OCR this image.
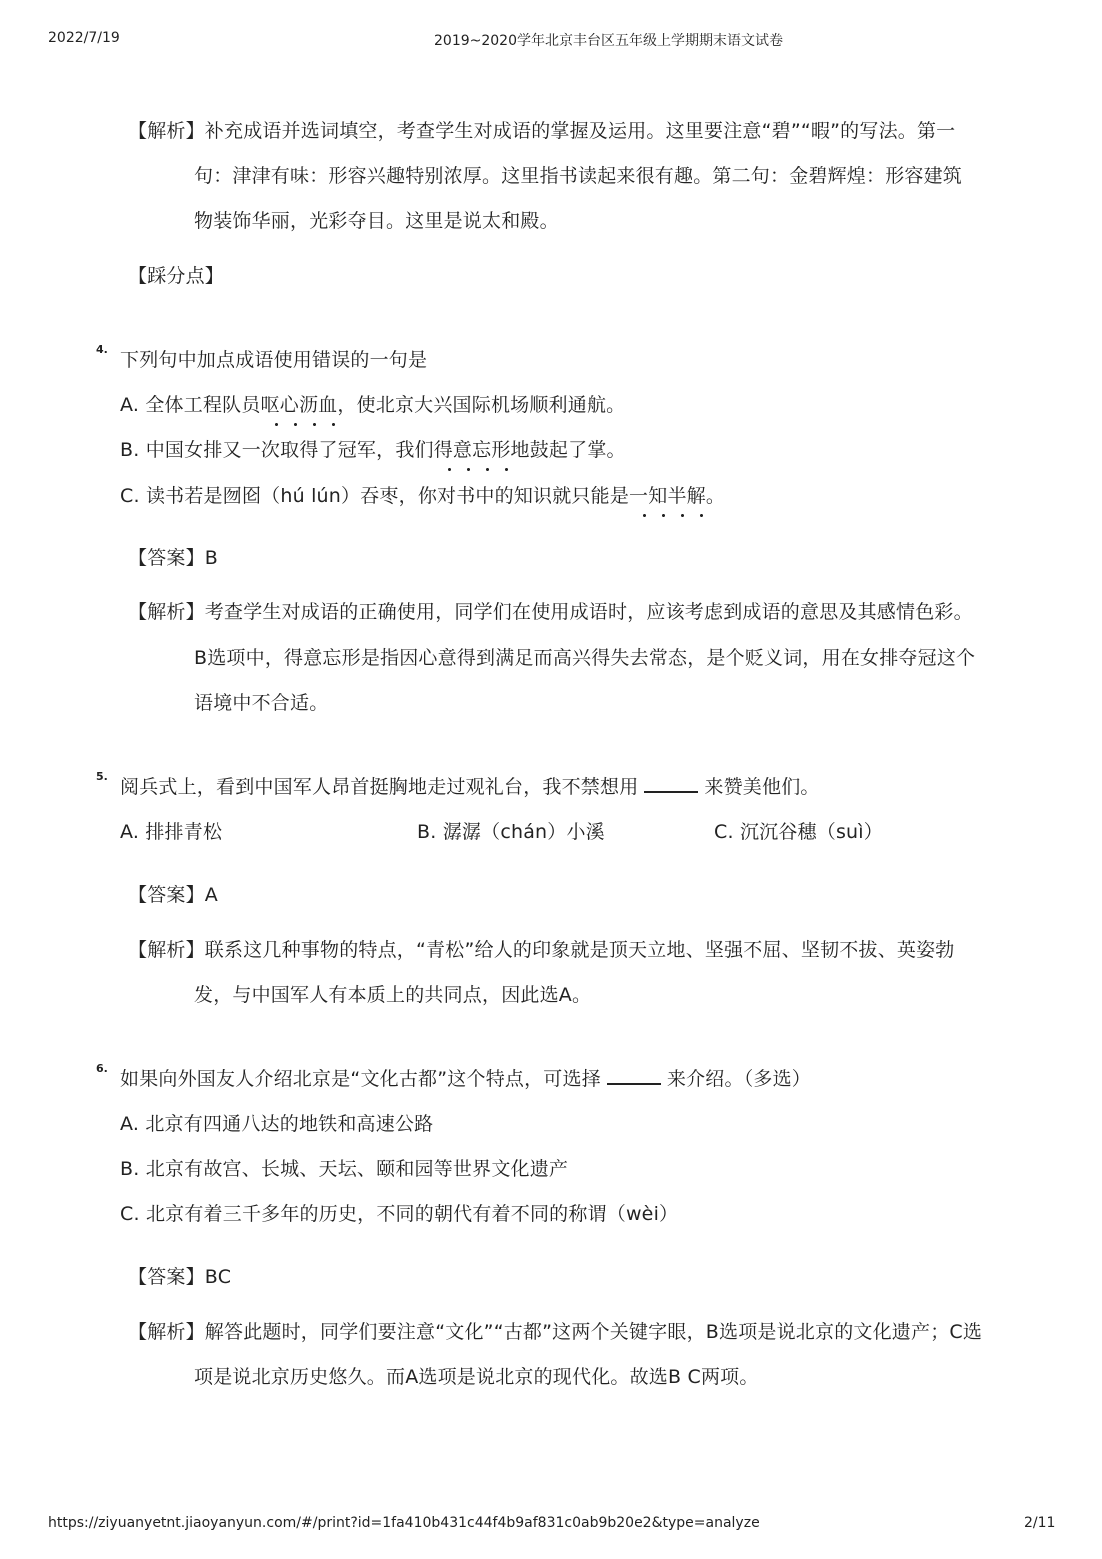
2022/7/19	2019~2020学年北京丰台区五年级上学期期末语文试卷
【解析】补充成语并选词填空，考查学生对成语的掌握及运用。这里要注意“碧”“暇”的写法。第一
句：津津有味：形容兴趣特别浓厚。这里指书读起来很有趣。第二句：金碧辉煌：形容建筑
物装饰华丽，光彩夺目。这里是说太和殿。
【踩分点】
4. 下列句中加点成语使用错误的一句是
A. 全体工程队员呕心沥血，使北京大兴国际机场顺利通航。
B. 中国女排又一次取得了冠军，我们得意忘形地鼓起了掌。
C. 读书若是囫囵（hú lún）吞枣，你对书中的知识就只能是一知半解。
【答案】B
【解析】考查学生对成语的正确使用，同学们在使用成语时，应该考虑到成语的意思及其感情色彩。
B选项中，得意忘形是指因心意得到满足而高兴得失去常态，是个贬义词，用在女排夺冠这个
语境中不合适。
5. 阅兵式上，看到中国军人昂首挺胸地走过观礼台，我不禁想用	来赞美他们。
A. 排排青松	B. 潺潺（chán）小溪	C. 沉沉谷穗（suì）
【答案】A
【解析】联系这几种事物的特点，“青松”给人的印象就是顶天立地、坚强不屈、坚韧不拔、英姿勃
发，与中国军人有本质上的共同点，因此选A。
6. 如果向外国友人介绍北京是“文化古都”这个特点，可选择	来介绍。（多选）
A. 北京有四通八达的地铁和高速公路
B. 北京有故宫、长城、天坛、颐和园等世界文化遗产
C. 北京有着三千多年的历史，不同的朝代有着不同的称谓（wèi）
【答案】BC
【解析】解答此题时，同学们要注意“文化”“古都”这两个关键字眼，B选项是说北京的文化遗产；C选
项是说北京历史悠久。而A选项是说北京的现代化。故选B C两项。
https://ziyuanyetnt.jiaoyanyun.com/#/print?id=1fa410b431c44f4b9af831c0ab9b20e2&type=analyze	2/11
